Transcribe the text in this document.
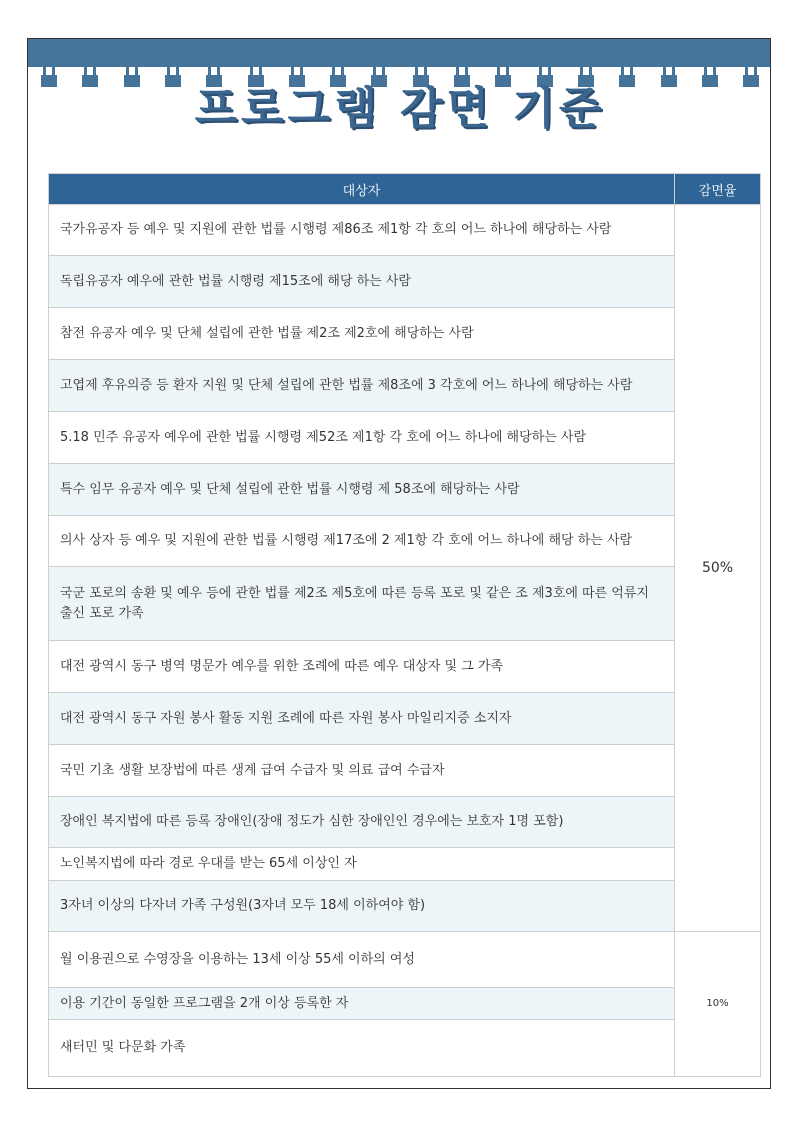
프로그램 감면 기준
대상자	감면율
국가유공자 등 예우 및 지원에 관한 법률 시행령 제86조 제1항 각 호의 어느 하나에 해당하는 사람	50%
독립유공자 예우에 관한 법률 시행령 제15조에 해당 하는 사람	
참전 유공자 예우 및 단체 설립에 관한 법률 제2조 제2호에 해당하는 사람	
고엽제 후유의증 등 환자 지원 및 단체 설립에 관한 법률 제8조에 3 각호에 어느 하나에 해당하는 사람	
5.18 민주 유공자 예우에 관한 법률 시행령 제52조 제1항 각 호에 어느 하나에 해당하는 사람	
특수 임무 유공자 예우 및 단체 설립에 관한 법률 시행령 제 58조에 해당하는 사람	
의사 상자 등 예우 및 지원에 관한 법률 시행령 제17조에 2 제1항 각 호에 어느 하나에 해당 하는 사람	
국군 포로의 송환 및 예우 등에 관한 법률 제2조 제5호에 따른 등록 포로 및 같은 조 제3호에 따른 억류지 출신 포로 가족	
대전 광역시 동구 병역 명문가 예우를 위한 조례에 따른 예우 대상자 및 그 가족	
대전 광역시 동구 자원 봉사 활동 지원 조례에 따른 자원 봉사 마일리지증 소지자	
국민 기초 생활 보장법에 따른 생계 급여 수급자 및 의료 급여 수급자	
장애인 복지법에 따른 등록 장애인(장애 정도가 심한 장애인인 경우에는 보호자 1명 포함)	
노인복지법에 따라 경로 우대를 받는 65세 이상인 자	
3자녀 이상의 다자녀 가족 구성원(3자녀 모두 18세 이하여야 함)	
월 이용권으로 수영장을 이용하는 13세 이상 55세 이하의 여성	10%
이용 기간이 동일한 프로그램을 2개 이상 등록한 자	
새터민 및 다문화 가족	
